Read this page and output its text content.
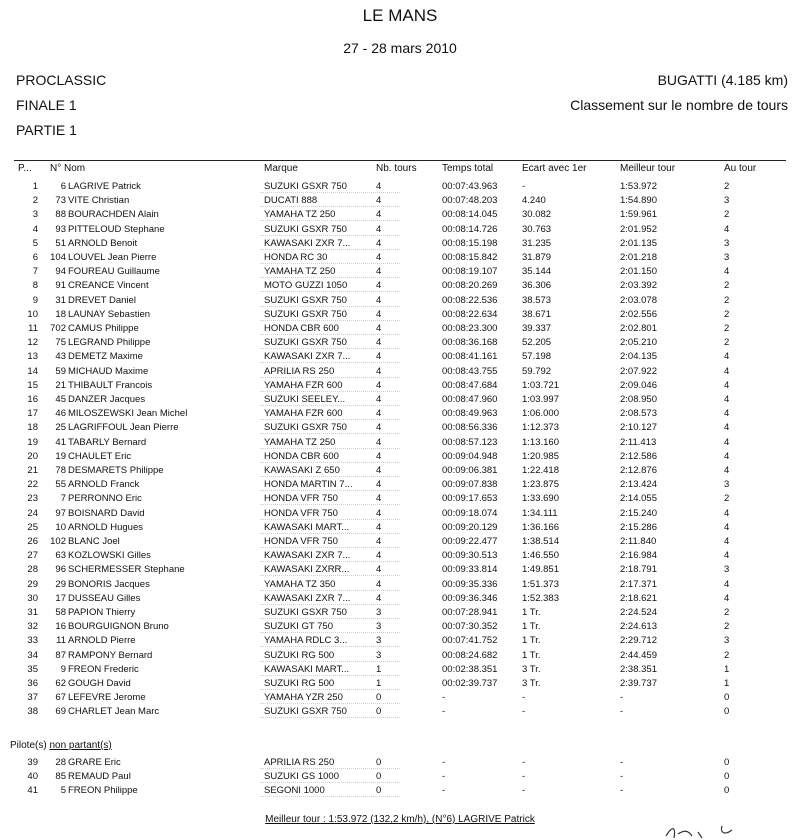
LE MANS
27 - 28 mars 2010
PROCLASSIC
FINALE 1
PARTIE 1
BUGATTI (4.185 km)
Classement sur le nombre de tours
P...	N° Nom	Marque	Nb. tours	Temps total	Ecart avec 1er	Meilleur tour	Au tour
1	6 LAGRIVE Patrick	SUZUKI GSXR 750	4	00:07:43.963	-	1:53.972	2
2	73 VITE Christian	DUCATI 888	4	00:07:48.203	4.240	1:54.890	3
3	88 BOURACHDEN Alain	YAMAHA TZ 250	4	00:08:14.045	30.082	1:59.961	2
4	93 PITTELOUD Stephane	SUZUKI GSXR 750	4	00:08:14.726	30.763	2:01.952	4
5	51 ARNOLD Benoit	KAWASAKI ZXR 7...	4	00:08:15.198	31.235	2:01.135	3
6	104 LOUVEL Jean Pierre	HONDA RC 30	4	00:08:15.842	31.879	2:01.218	3
7	94 FOUREAU Guillaume	YAMAHA TZ 250	4	00:08:19.107	35.144	2:01.150	4
8	91 CREANCE Vincent	MOTO GUZZI 1050	4	00:08:20.269	36.306	2:03.392	2
9	31 DREVET Daniel	SUZUKI GSXR 750	4	00:08:22.536	38.573	2:03.078	2
10	18 LAUNAY Sebastien	SUZUKI GSXR 750	4	00:08:22.634	38.671	2:02.556	2
11	702 CAMUS Philippe	HONDA CBR 600	4	00:08:23.300	39.337	2:02.801	2
12	75 LEGRAND Philippe	SUZUKI GSXR 750	4	00:08:36.168	52.205	2:05.210	2
13	43 DEMETZ Maxime	KAWASAKI ZXR 7...	4	00:08:41.161	57.198	2:04.135	4
14	59 MICHAUD Maxime	APRILIA RS 250	4	00:08:43.755	59.792	2:07.922	4
15	21 THIBAULT Francois	YAMAHA FZR 600	4	00:08:47.684	1:03.721	2:09.046	4
16	45 DANZER Jacques	SUZUKI SEELEY...	4	00:08:47.960	1:03.997	2:08.950	4
17	46 MILOSZEWSKI Jean Michel	YAMAHA FZR 600	4	00:08:49.963	1:06.000	2:08.573	4
18	25 LAGRIFFOUL Jean Pierre	SUZUKI GSXR 750	4	00:08:56.336	1:12.373	2:10.127	4
19	41 TABARLY Bernard	YAMAHA TZ 250	4	00:08:57.123	1:13.160	2:11.413	4
20	19 CHAULET Eric	HONDA CBR 600	4	00:09:04.948	1:20.985	2:12.586	4
21	78 DESMARETS Philippe	KAWASAKI Z 650	4	00:09:06.381	1:22.418	2:12.876	4
22	55 ARNOLD Franck	HONDA MARTIN 7... 4	00:09:07.838	1:23.875	2:13.424	3
23	7 PERRONNO Eric	HONDA VFR 750	4	00:09:17.653	1:33.690	2:14.055	2
24	97 BOISNARD David	HONDA VFR 750	4	00:09:18.074	1:34.111	2:15.240	4
25	10 ARNOLD Hugues	KAWASAKI MART...	4	00:09:20.129	1:36.166	2:15.286	4
26	102 BLANC Joel	HONDA VFR 750	4	00:09:22.477	1:38.514	2:11.840	4
27	63 KOZLOWSKI Gilles	KAWASAKI ZXR 7...	4	00:09:30.513	1:46.550	2:16.984	4
28	96 SCHERMESSER Stephane	KAWASAKI ZXRR...	4	00:09:33.814	1:49.851	2:18.791	3
29	29 BONORIS Jacques	YAMAHA TZ 350	4	00:09:35.336	1:51.373	2:17.371	4
30	17 DUSSEAU Gilles	KAWASAKI ZXR 7...	4	00:09:36.346	1:52.383	2:18.621	4
31	58 PAPION Thierry	SUZUKI GSXR 750	3	00:07:28.941	1 Tr.	2:24.524	2
32	16 BOURGUIGNON Bruno	SUZUKI GT 750	3	00:07:30.352	1 Tr.	2:24.613	2
33	11 ARNOLD Pierre	YAMAHA RDLC 3...	3	00:07:41.752	1 Tr.	2:29.712	3
34	87 RAMPONY Bernard	SUZUKI RG 500	3	00:08:24.682	1 Tr.	2:44.459	2
35	9 FREON Frederic	KAWASAKI MART...	1	00:02:38.351	3 Tr.	2:38.351	1
36	62 GOUGH David	SUZUKI RG 500	1	00:02:39.737	3 Tr.	2:39.737	1
37	67 LEFEVRE Jerome	YAMAHA YZR 250	0	-	-	-	0
38	69 CHARLET Jean Marc	SUZUKI GSXR 750	0	-	-	-	0
Pilote(s) non partant(s)
39	28 GRARE Eric	APRILIA RS 250	0	-	-	-	0
40	85 REMAUD Paul	SUZUKI GS 1000	0	-	-	-	0
41	5 FREON Philippe	SEGONI 1000	0	-	-	-	0
Meilleur tour : 1:53.972 (132,2 km/h), (N°6) LAGRIVE Patrick
